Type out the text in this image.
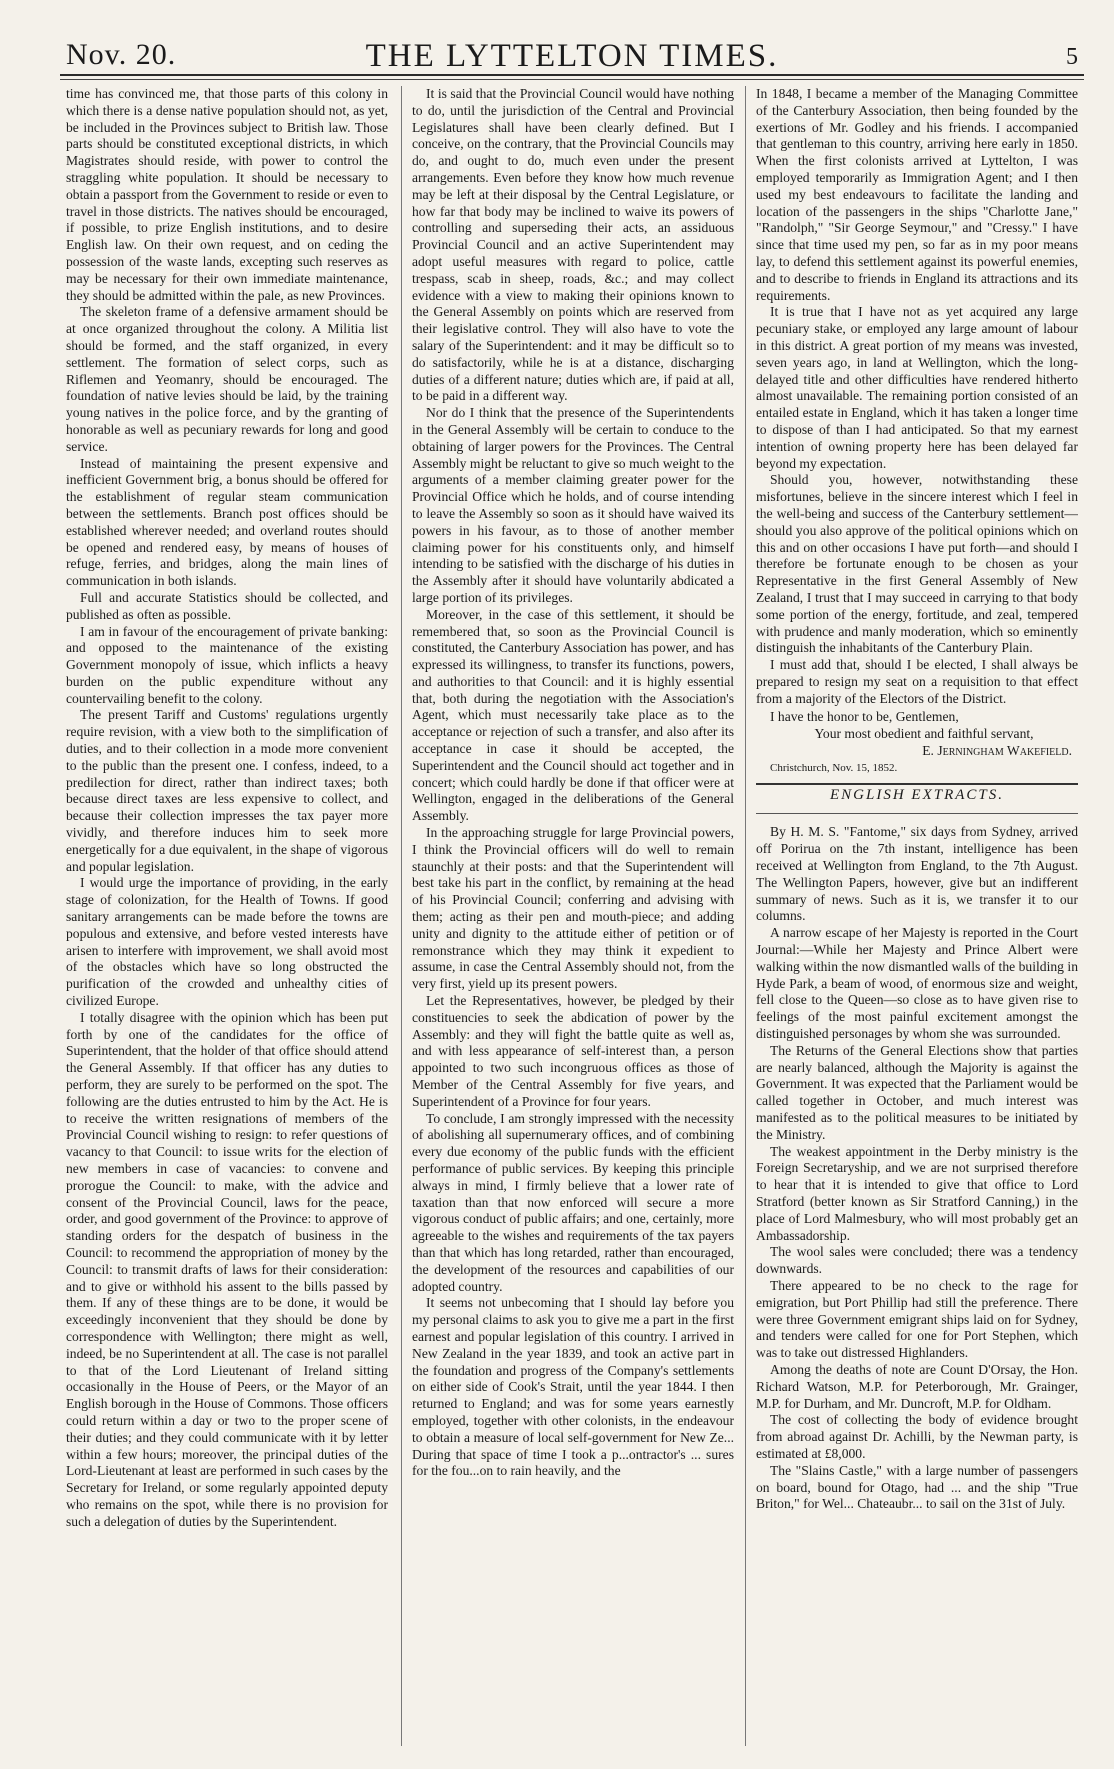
Nov. 20.	THE LYTTELTON TIMES.	5

time has convinced me, that those parts of this colony in which there is a dense native population should not, as yet, be included in the Provinces subject to British law. Those parts should be constituted exceptional districts, in which Magistrates should reside, with power to control the straggling white population. It should be necessary to obtain a passport from the Government to reside or even to travel in those districts. The natives should be encouraged, if possible, to prize English institutions, and to desire English law. On their own request, and on ceding the possession of the waste lands, excepting such reserves as may be necessary for their own immediate maintenance, they should be admitted within the pale, as new Provinces.

The skeleton frame of a defensive armament should be at once organized throughout the colony. A Militia list should be formed, and the staff organized, in every settlement. The formation of select corps, such as Riflemen and Yeomanry, should be encouraged. The foundation of native levies should be laid, by the training young natives in the police force, and by the granting of honorable as well as pecuniary rewards for long and good service.

Instead of maintaining the present expensive and inefficient Government brig, a bonus should be offered for the establishment of regular steam communication between the settlements. Branch post offices should be established wherever needed; and overland routes should be opened and rendered easy, by means of houses of refuge, ferries, and bridges, along the main lines of communication in both islands.

Full and accurate Statistics should be collected, and published as often as possible.

I am in favour of the encouragement of private banking: and opposed to the maintenance of the existing Government monopoly of issue, which inflicts a heavy burden on the public expenditure without any countervailing benefit to the colony.

The present Tariff and Customs' regulations urgently require revision, with a view both to the simplification of duties, and to their collection in a mode more convenient to the public than the present one. I confess, indeed, to a predilection for direct, rather than indirect taxes; both because direct taxes are less expensive to collect, and because their collection impresses the tax payer more vividly, and therefore induces him to seek more energetically for a due equivalent, in the shape of vigorous and popular legislation.

I would urge the importance of providing, in the early stage of colonization, for the Health of Towns. If good sanitary arrangements can be made before the towns are populous and extensive, and before vested interests have arisen to interfere with improvement, we shall avoid most of the obstacles which have so long obstructed the purification of the crowded and unhealthy cities of civilized Europe.

I totally disagree with the opinion which has been put forth by one of the candidates for the office of Superintendent, that the holder of that office should attend the General Assembly. If that officer has any duties to perform, they are surely to be performed on the spot. The following are the duties entrusted to him by the Act. He is to receive the written resignations of members of the Provincial Council wishing to resign: to refer questions of vacancy to that Council: to issue writs for the election of new members in case of vacancies: to convene and prorogue the Council: to make, with the advice and consent of the Provincial Council, laws for the peace, order, and good government of the Province: to approve of standing orders for the despatch of business in the Council: to recommend the appropriation of money by the Council: to transmit drafts of laws for their consideration: and to give or withhold his assent to the bills passed by them. If any of these things are to be done, it would be exceedingly inconvenient that they should be done by correspondence with Wellington; there might as well, indeed, be no Superintendent at all. The case is not parallel to that of the Lord Lieutenant of Ireland sitting occasionally in the House of Peers, or the Mayor of an English borough in the House of Commons. Those officers could return within a day or two to the proper scene of their duties; and they could communicate with it by letter within a few hours; moreover, the principal duties of the Lord-Lieutenant at least are performed in such cases by the Secretary for Ireland, or some regularly appointed deputy who remains on the spot, while there is no provision for such a delegation of duties by the Superintendent.

It is said that the Provincial Council would have nothing to do, until the jurisdiction of the Central and Provincial Legislatures shall have been clearly defined. But I conceive, on the contrary, that the Provincial Councils may do, and ought to do, much even under the present arrangements. Even before they know how much revenue may be left at their disposal by the Central Legislature, or how far that body may be inclined to waive its powers of controlling and superseding their acts, an assiduous Provincial Council and an active Superintendent may adopt useful measures with regard to police, cattle trespass, scab in sheep, roads, &c.; and may collect evidence with a view to making their opinions known to the General Assembly on points which are reserved from their legislative control. They will also have to vote the salary of the Superintendent: and it may be difficult so to do satisfactorily, while he is at a distance, discharging duties of a different nature; duties which are, if paid at all, to be paid in a different way.

Nor do I think that the presence of the Superintendents in the General Assembly will be certain to conduce to the obtaining of larger powers for the Provinces. The Central Assembly might be reluctant to give so much weight to the arguments of a member claiming greater power for the Provincial Office which he holds, and of course intending to leave the Assembly so soon as it should have waived its powers in his favour, as to those of another member claiming power for his constituents only, and himself intending to be satisfied with the discharge of his duties in the Assembly after it should have voluntarily abdicated a large portion of its privileges.

Moreover, in the case of this settlement, it should be remembered that, so soon as the Provincial Council is constituted, the Canterbury Association has power, and has expressed its willingness, to transfer its functions, powers, and authorities to that Council: and it is highly essential that, both during the negotiation with the Association's Agent, which must necessarily take place as to the acceptance or rejection of such a transfer, and also after its acceptance in case it should be accepted, the Superintendent and the Council should act together and in concert; which could hardly be done if that officer were at Wellington, engaged in the deliberations of the General Assembly.

In the approaching struggle for large Provincial powers, I think the Provincial officers will do well to remain staunchly at their posts: and that the Superintendent will best take his part in the conflict, by remaining at the head of his Provincial Council; conferring and advising with them; acting as their pen and mouth-piece; and adding unity and dignity to the attitude either of petition or of remonstrance which they may think it expedient to assume, in case the Central Assembly should not, from the very first, yield up its present powers.

Let the Representatives, however, be pledged by their constituencies to seek the abdication of power by the Assembly: and they will fight the battle quite as well as, and with less appearance of self-interest than, a person appointed to two such incongruous offices as those of Member of the Central Assembly for five years, and Superintendent of a Province for four years.

To conclude, I am strongly impressed with the necessity of abolishing all supernumerary offices, and of combining every due economy of the public funds with the efficient performance of public services. By keeping this principle always in mind, I firmly believe that a lower rate of taxation than that now enforced will secure a more vigorous conduct of public affairs; and one, certainly, more agreeable to the wishes and requirements of the tax payers than that which has long retarded, rather than encouraged, the development of the resources and capabilities of our adopted country.

It seems not unbecoming that I should lay before you my personal claims to ask you to give me a part in the first earnest and popular legislation of this country. I arrived in New Zealand in the year 1839, and took an active part in the foundation and progress of the Company's settlements on either side of Cook's Strait, until the year 1844. I then returned to England; and was for some years earnestly employed, together with other colonists, in the endeavour to obtain a measure of local self-government for New Ze... During that space of time I took a p...ontractor's ... sures for the fou...on to rain heavily, and the

In 1848, I became a member of the Managing Committee of the Canterbury Association, then being founded by the exertions of Mr. Godley and his friends. I accompanied that gentleman to this country, arriving here early in 1850. When the first colonists arrived at Lyttelton, I was employed temporarily as Immigration Agent; and I then used my best endeavours to facilitate the landing and location of the passengers in the ships "Charlotte Jane," "Randolph," "Sir George Seymour," and "Cressy." I have since that time used my pen, so far as in my poor means lay, to defend this settlement against its powerful enemies, and to describe to friends in England its attractions and its requirements.

It is true that I have not as yet acquired any large pecuniary stake, or employed any large amount of labour in this district. A great portion of my means was invested, seven years ago, in land at Wellington, which the long-delayed title and other difficulties have rendered hitherto almost unavailable. The remaining portion consisted of an entailed estate in England, which it has taken a longer time to dispose of than I had anticipated. So that my earnest intention of owning property here has been delayed far beyond my expectation.

Should you, however, notwithstanding these misfortunes, believe in the sincere interest which I feel in the well-being and success of the Canterbury settlement—should you also approve of the political opinions which on this and on other occasions I have put forth—and should I therefore be fortunate enough to be chosen as your Representative in the first General Assembly of New Zealand, I trust that I may succeed in carrying to that body some portion of the energy, fortitude, and zeal, tempered with prudence and manly moderation, which so eminently distinguish the inhabitants of the Canterbury Plain.

I must add that, should I be elected, I shall always be prepared to resign my seat on a requisition to that effect from a majority of the Electors of the District.

I have the honor to be, Gentlemen,

Your most obedient and faithful servant,

E. Jerningham Wakefield.

Christchurch, Nov. 15, 1852.

ENGLISH EXTRACTS.

By H. M. S. "Fantome," six days from Sydney, arrived off Porirua on the 7th instant, intelligence has been received at Wellington from England, to the 7th August. The Wellington Papers, however, give but an indifferent summary of news. Such as it is, we transfer it to our columns.

A narrow escape of her Majesty is reported in the Court Journal:—While her Majesty and Prince Albert were walking within the now dismantled walls of the building in Hyde Park, a beam of wood, of enormous size and weight, fell close to the Queen—so close as to have given rise to feelings of the most painful excitement amongst the distinguished personages by whom she was surrounded.

The Returns of the General Elections show that parties are nearly balanced, although the Majority is against the Government. It was expected that the Parliament would be called together in October, and much interest was manifested as to the political measures to be initiated by the Ministry.

The weakest appointment in the Derby ministry is the Foreign Secretaryship, and we are not surprised therefore to hear that it is intended to give that office to Lord Stratford (better known as Sir Stratford Canning,) in the place of Lord Malmesbury, who will most probably get an Ambassadorship.

The wool sales were concluded; there was a tendency downwards.

There appeared to be no check to the rage for emigration, but Port Phillip had still the preference. There were three Government emigrant ships laid on for Sydney, and tenders were called for one for Port Stephen, which was to take out distressed Highlanders.

Among the deaths of note are Count D'Orsay, the Hon. Richard Watson, M.P. for Peterborough, Mr. Grainger, M.P. for Durham, and Mr. Duncroft, M.P. for Oldham.

The cost of collecting the body of evidence brought from abroad against Dr. Achilli, by the Newman party, is estimated at £8,000.

The "Slains Castle," with a large number of passengers on board, bound for Otago, had ... and the ship "True Briton," for Wel... Chateaubr... to sail on the 31st of July.
